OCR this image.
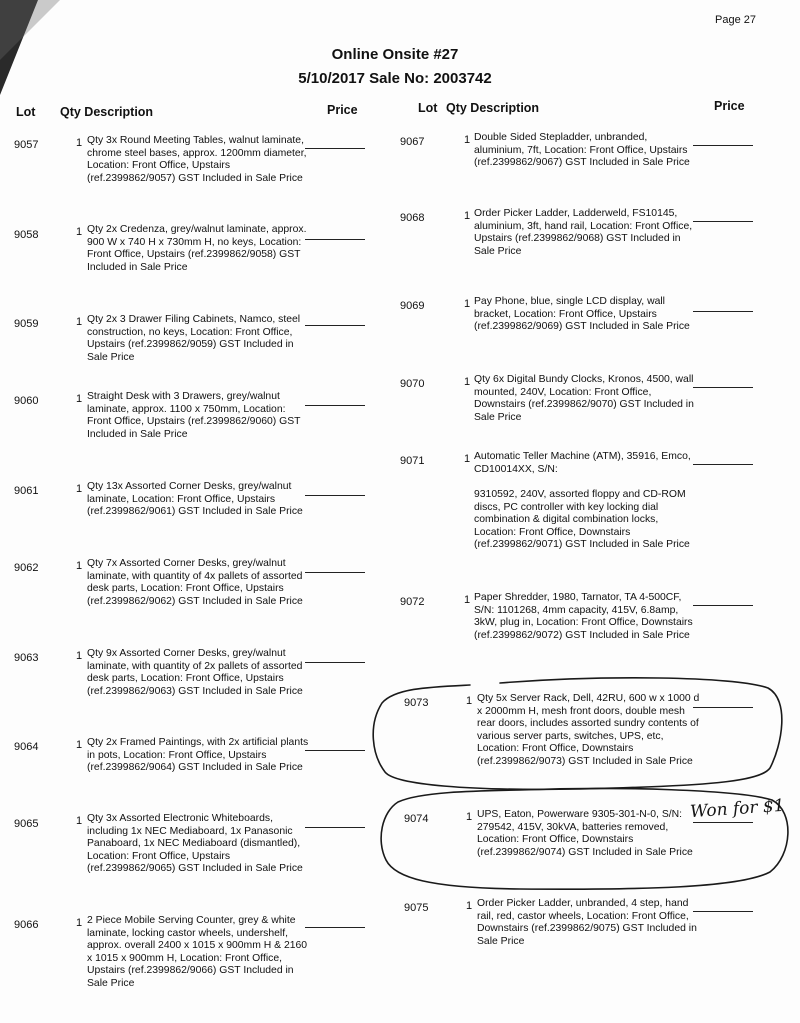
Page 27
Online Onsite #27
5/10/2017 Sale No: 2003742
Lot Qty Description	Price	Lot Qty Description	Price
9057	1 Qty 3x Round Meeting Tables, walnut laminate, chrome steel bases, approx. 1200mm diameter, Location: Front Office, Upstairs (ref.2399862/9057) GST Included in Sale Price
9058	1 Qty 2x Credenza, grey/walnut laminate, approx. 900 W x 740 H x 730mm H, no keys, Location: Front Office, Upstairs (ref.2399862/9058) GST Included in Sale Price
9059	1 Qty 2x 3 Drawer Filing Cabinets, Namco, steel construction, no keys, Location: Front Office, Upstairs (ref.2399862/9059) GST Included in Sale Price
9060	1 Straight Desk with 3 Drawers, grey/walnut laminate, approx. 1100 x 750mm, Location: Front Office, Upstairs (ref.2399862/9060) GST Included in Sale Price
9061	1 Qty 13x Assorted Corner Desks, grey/walnut laminate, Location: Front Office, Upstairs (ref.2399862/9061) GST Included in Sale Price
9062	1 Qty 7x Assorted Corner Desks, grey/walnut laminate, with quantity of 4x pallets of assorted desk parts, Location: Front Office, Upstairs (ref.2399862/9062) GST Included in Sale Price
9063	1 Qty 9x Assorted Corner Desks, grey/walnut laminate, with quantity of 2x pallets of assorted desk parts, Location: Front Office, Upstairs (ref.2399862/9063) GST Included in Sale Price
9064	1 Qty 2x Framed Paintings, with 2x artificial plants in pots, Location: Front Office, Upstairs (ref.2399862/9064) GST Included in Sale Price
9065	1 Qty 3x Assorted Electronic Whiteboards, including 1x NEC Mediaboard, 1x Panasonic Panaboard, 1x NEC Mediaboard (dismantled), Location: Front Office, Upstairs (ref.2399862/9065) GST Included in Sale Price
9066	1 2 Piece Mobile Serving Counter, grey & white laminate, locking castor wheels, undershelf, approx. overall 2400 x 1015 x 900mm H & 2160 x 1015 x 900mm H, Location: Front Office, Upstairs (ref.2399862/9066) GST Included in Sale Price
9067	1 Double Sided Stepladder, unbranded, aluminium, 7ft, Location: Front Office, Upstairs (ref.2399862/9067) GST Included in Sale Price
9068	1 Order Picker Ladder, Ladderweld, FS10145, aluminium, 3ft, hand rail, Location: Front Office, Upstairs (ref.2399862/9068) GST Included in Sale Price
9069	1 Pay Phone, blue, single LCD display, wall bracket, Location: Front Office, Upstairs (ref.2399862/9069) GST Included in Sale Price
9070	1 Qty 6x Digital Bundy Clocks, Kronos, 4500, wall mounted, 240V, Location: Front Office, Downstairs (ref.2399862/9070) GST Included in Sale Price
9071	1 Automatic Teller Machine (ATM), 35916, Emco, CD10014XX, S/N:
9310592, 240V, assorted floppy and CD-ROM discs, PC controller with key locking dial combination & digital combination locks, Location: Front Office, Downstairs (ref.2399862/9071) GST Included in Sale Price
9072	1 Paper Shredder, 1980, Tarnator, TA 4-500CF, S/N: 1101268, 4mm capacity, 415V, 6.8amp, 3kW, plug in, Location: Front Office, Downstairs (ref.2399862/9072) GST Included in Sale Price
9073	1 Qty 5x Server Rack, Dell, 42RU, 600 w x 1000 d x 2000mm H, mesh front doors, double mesh rear doors, includes assorted sundry contents of various server parts, switches, UPS, etc, Location: Front Office, Downstairs (ref.2399862/9073) GST Included in Sale Price
9074	1 UPS, Eaton, Powerware 9305-301-N-0, S/N: 279542, 415V, 30kVA, batteries removed, Location: Front Office, Downstairs (ref.2399862/9074) GST Included in Sale Price
9075	1 Order Picker Ladder, unbranded, 4 step, hand rail, red, castor wheels, Location: Front Office, Downstairs (ref.2399862/9075) GST Included in Sale Price
Won for $1
